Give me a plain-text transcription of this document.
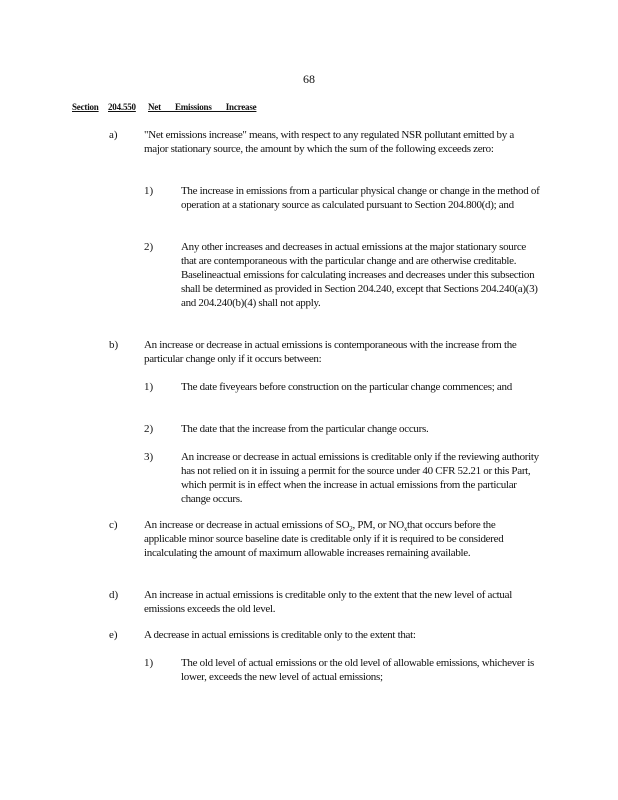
68
Section 204.550 Net Emissions Increase
a) "Net emissions increase" means, with respect to any regulated NSR pollutant emitted by a major stationary source, the amount by which the sum of the following exceeds zero:
1)	The increase in emissions from a particular physical change or change in the method of operation at a stationary source as calculated pursuant to Section 204.800(d); and
2)	Any other increases and decreases in actual emissions at the major stationary source that are contemporaneous with the particular change and are otherwise creditable. Baselineactual emissions for calculating increases and decreases under this subsection shall be determined as provided in Section 204.240, except that Sections 204.240(a)(3) and 204.240(b)(4) shall not apply.
b) An increase or decrease in actual emissions is contemporaneous with the increase from the particular change only if it occurs between:
1)	The date fiveyears before construction on the particular change commences; and
2)	The date that the increase from the particular change occurs.
3)	An increase or decrease in actual emissions is creditable only if the reviewing authority has not relied on it in issuing a permit for the source under 40 CFR 52.21 or this Part, which permit is in effect when the increase in actual emissions from the particular change occurs.
c) An increase or decrease in actual emissions of $SO_2$, PM, or $NO_xthat$ occurs before the applicable minor source baseline date is creditable only if it is required to be considered incalculating the amount of maximum allowable increases remaining available.
d) An increase in actual emissions is creditable only to the extent that the new level of actual emissions exceeds the old level.
e) A decrease in actual emissions is creditable only to the extent that:
1)	The old level of actual emissions or the old level of allowable emissions, whichever is lower, exceeds the new level of actual emissions;
